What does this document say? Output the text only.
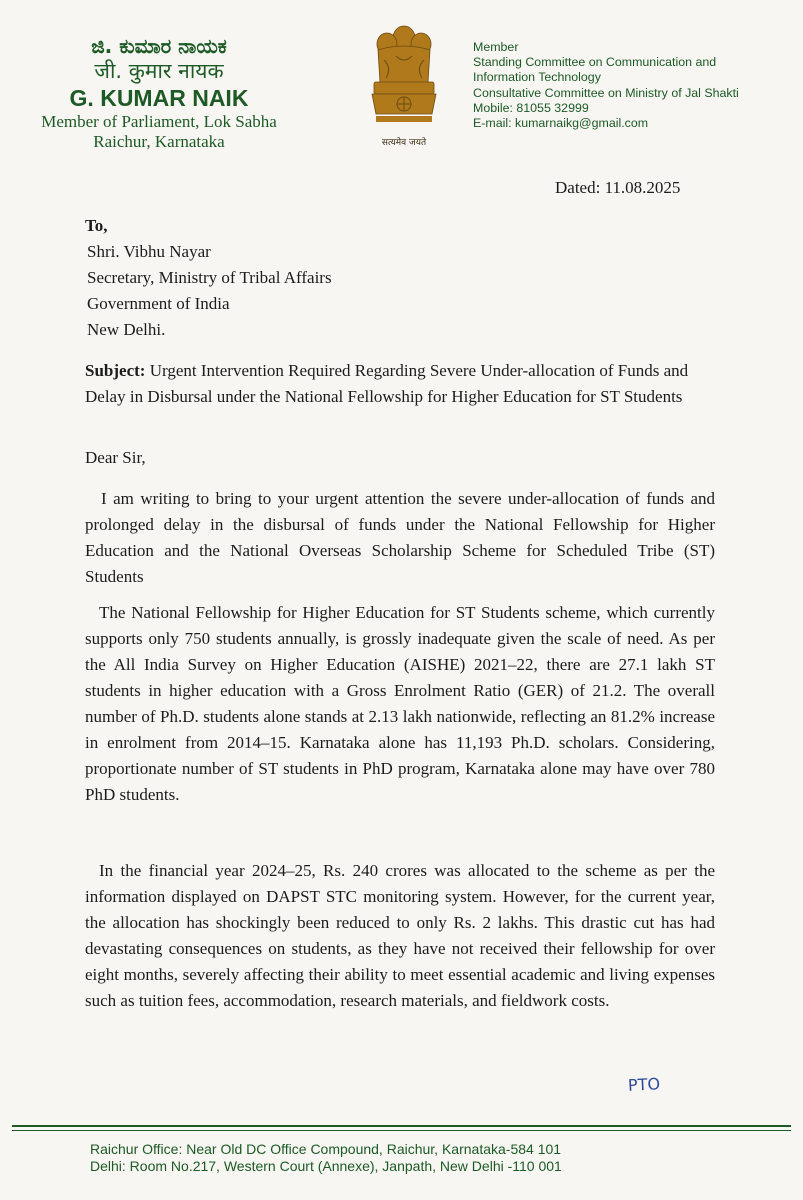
ಜಿ. ಕುಮಾರ ನಾಯಕ
जी. कुमार नायक
G. KUMAR NAIK
Member of Parliament, Lok Sabha
Raichur, Karnataka	सत्यमेव जयते
Member
Standing Committee on Communication and
Information Technology
Consultative Committee on Ministry of Jal Shakti
Mobile: 81055 32999
E-mail: kumarnaikg@gmail.com
Dated: 11.08.2025
To,
Shri. Vibhu Nayar
Secretary, Ministry of Tribal Affairs
Government of India
New Delhi.
Subject: Urgent Intervention Required Regarding Severe Under-allocation of Funds and Delay in Disbursal under the National Fellowship for Higher Education for ST Students
Dear Sir,
I am writing to bring to your urgent attention the severe under-allocation of funds and prolonged delay in the disbursal of funds under the National Fellowship for Higher Education and the National Overseas Scholarship Scheme for Scheduled Tribe (ST) Students
The National Fellowship for Higher Education for ST Students scheme, which currently supports only 750 students annually, is grossly inadequate given the scale of need. As per the All India Survey on Higher Education (AISHE) 2021–22, there are 27.1 lakh ST students in higher education with a Gross Enrolment Ratio (GER) of 21.2. The overall number of Ph.D. students alone stands at 2.13 lakh nationwide, reflecting an 81.2% increase in enrolment from 2014–15. Karnataka alone has 11,193 Ph.D. scholars. Considering, proportionate number of ST students in PhD program, Karnataka alone may have over 780 PhD students.
In the financial year 2024–25, Rs. 240 crores was allocated to the scheme as per the information displayed on DAPST STC monitoring system. However, for the current year, the allocation has shockingly been reduced to only Rs. 2 lakhs. This drastic cut has had devastating consequences on students, as they have not received their fellowship for over eight months, severely affecting their ability to meet essential academic and living expenses such as tuition fees, accommodation, research materials, and fieldwork costs.
PTO
Raichur Office: Near Old DC Office Compound, Raichur, Karnataka-584 101
Delhi: Room No.217, Western Court (Annexe), Janpath, New Delhi -110 001
